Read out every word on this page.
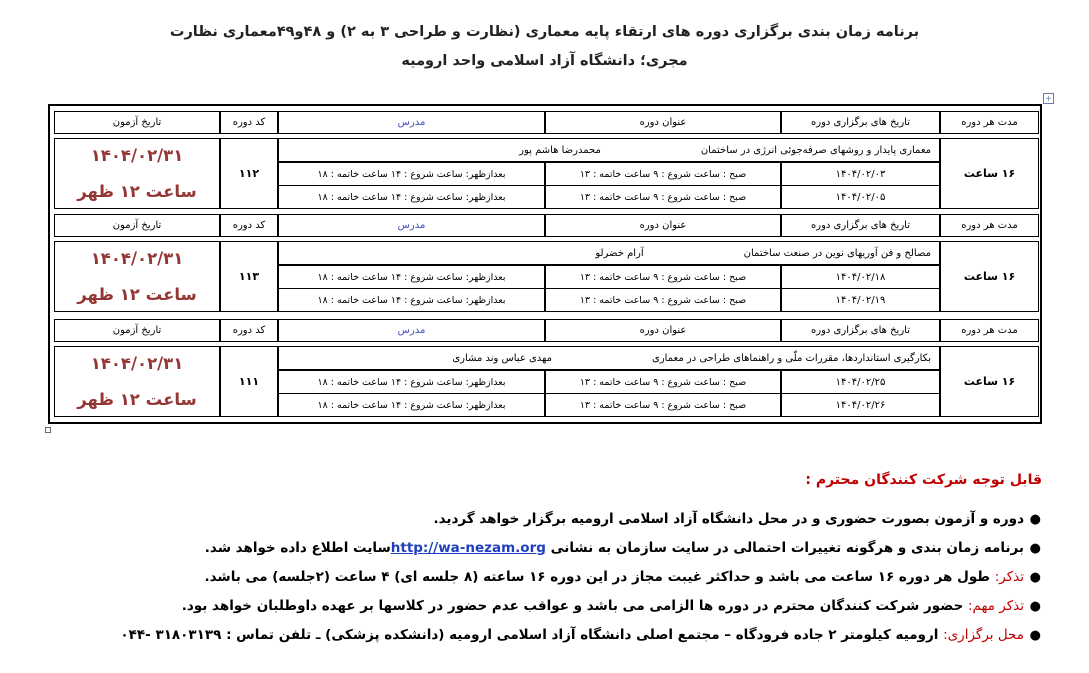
برنامه زمان بندی برگزاری دوره های ارتقاء پایه معماری (نظارت و طراحی ۳ به ۲) و ۴۸و۴۹معماری نظارت
مجری؛ دانشگاه آزاد اسلامی واحد ارومیه
+
مدت هر دوره
تاریخ های برگزاری دوره
عنوان دوره
مدرس
کد دوره
تاریخ آزمون
۱۶ ساعت
۱۱۲
۱۴۰۴/۰۲/۳۱
ساعت ۱۲ ظهر
معماری پایدار و روشهای صرفه‌جوئی انرژی در ساختمان
محمدرضا هاشم پور
۱۴۰۴/۰۲/۰۳
صبح : ساعت شروع : ۹ ساعت خاتمه : ۱۳
بعدازظهر: ساعت شروع : ۱۴ ساعت خاتمه : ۱۸
۱۴۰۴/۰۲/۰۵
صبح : ساعت شروع : ۹ ساعت خاتمه : ۱۳
بعدازظهر: ساعت شروع : ۱۴ ساعت خاتمه : ۱۸
مدت هر دوره
تاریخ های برگزاری دوره
عنوان دوره
مدرس
کد دوره
تاریخ آزمون
۱۶ ساعت
۱۱۳
۱۴۰۴/۰۲/۳۱
ساعت ۱۲ ظهر
مصالح و فن آوریهای نوین در صنعت ساختمان
آرام خضرلو
۱۴۰۴/۰۲/۱۸
صبح : ساعت شروع : ۹ ساعت خاتمه : ۱۳
بعدازظهر: ساعت شروع : ۱۴ ساعت خاتمه : ۱۸
۱۴۰۴/۰۲/۱۹
صبح : ساعت شروع : ۹ ساعت خاتمه : ۱۳
بعدازظهر: ساعت شروع : ۱۴ ساعت خاتمه : ۱۸
مدت هر دوره
تاریخ های برگزاری دوره
عنوان دوره
مدرس
کد دوره
تاریخ آزمون
۱۶ ساعت
۱۱۱
۱۴۰۴/۰۲/۳۱
ساعت ۱۲ ظهر
بکارگیری استانداردها، مقررات ملّی و راهنماهای طراحی در معماری
مهدی عباس وند مشاری
۱۴۰۴/۰۲/۲۵
صبح : ساعت شروع : ۹ ساعت خاتمه : ۱۳
بعدازظهر: ساعت شروع : ۱۴ ساعت خاتمه : ۱۸
۱۴۰۴/۰۲/۲۶
صبح : ساعت شروع : ۹ ساعت خاتمه : ۱۳
بعدازظهر: ساعت شروع : ۱۴ ساعت خاتمه : ۱۸
قابل توجه شرکت کنندگان محترم :
●
دوره و آزمون بصورت حضوری و در محل دانشگاه آزاد اسلامی ارومیه برگزار خواهد گردید.
●
برنامه زمان بندی و هرگونه تغییرات احتمالی در سایت سازمان به نشانی http://wa-nezam.orgسایت اطلاع داده خواهد شد.
●
تذکر: طول هر دوره ۱۶ ساعت می باشد و حداکثر غیبت مجاز در این دوره ۱۶ ساعته (۸ جلسه ای) ۴ ساعت (۲جلسه) می باشد.
●
تذکر مهم: حضور شرکت کنندگان محترم در دوره ها الزامی می باشد و عواقب عدم حضور در کلاسها بر عهده داوطلبان خواهد بود.
●
محل برگزاری: ارومیه کیلومتر ۲ جاده فرودگاه – مجتمع اصلی دانشگاه آزاد اسلامی ارومیه (دانشکده پزشکی) ـ تلفن تماس : ۳۱۸۰۳۱۳۹ -۰۴۴
